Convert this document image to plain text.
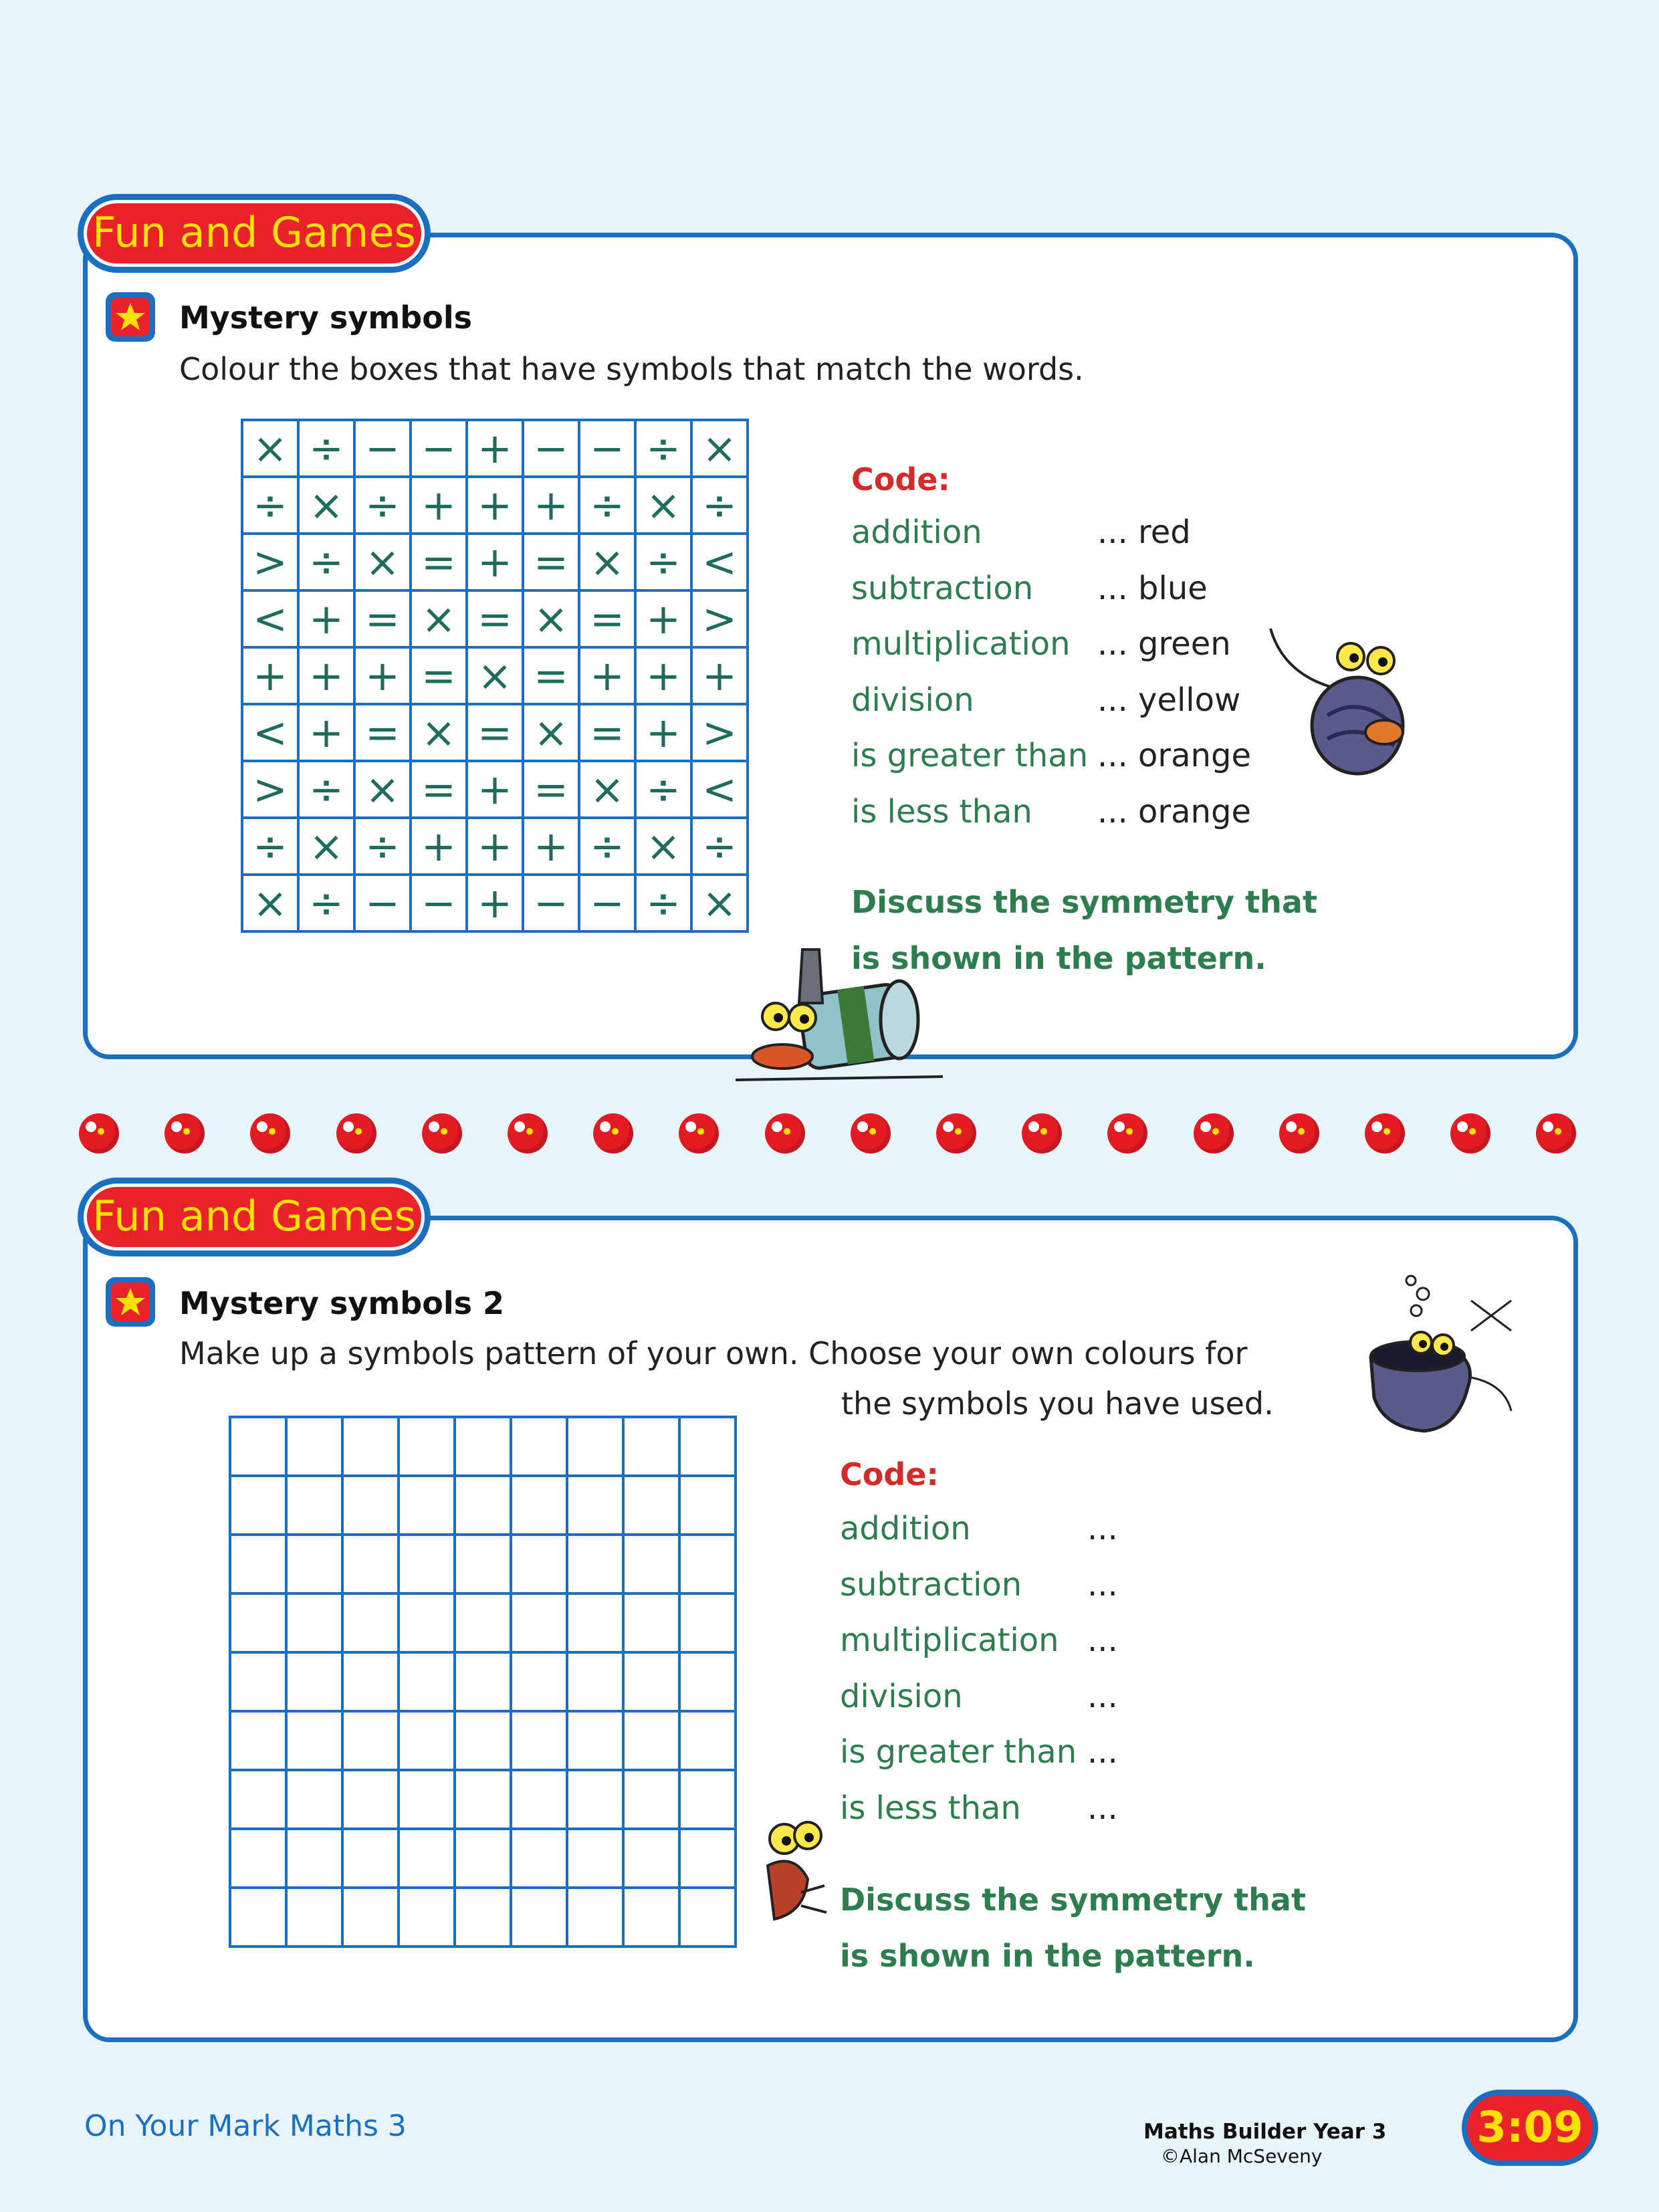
Fun and Games
Mystery symbols
Colour the boxes that have symbols that match the words.
×	÷	−	−	+	−	−	÷	×
÷	×	÷	+	+	+	÷	×	÷
>	÷	×	=	+	=	×	÷	<
<	+	=	×	=	×	=	+	>
+	+	+	=	×	=	+	+	+
<	+	=	×	=	×	=	+	>
>	÷	×	=	+	=	×	÷	<
÷	×	÷	+	+	+	÷	×	÷
×	÷	−	−	+	−	−	÷	×
Code:
addition	... red
subtraction ... blue
multiplication ... green
division	... yellow
is greater than ... orange
is less than ... orange
Discuss the symmetry that
is shown in the pattern.
Fun and Games
Mystery symbols 2
Make up a symbols pattern of your own. Choose your own colours for
the symbols you have used.

Code:
addition	...
subtraction ...
multiplication ...
division	...
is greater than ...
is less than ...
Discuss the symmetry that
is shown in the pattern.
On Your Mark Maths 3	Maths Builder Year 3
©Alan McSeveny
3:09
